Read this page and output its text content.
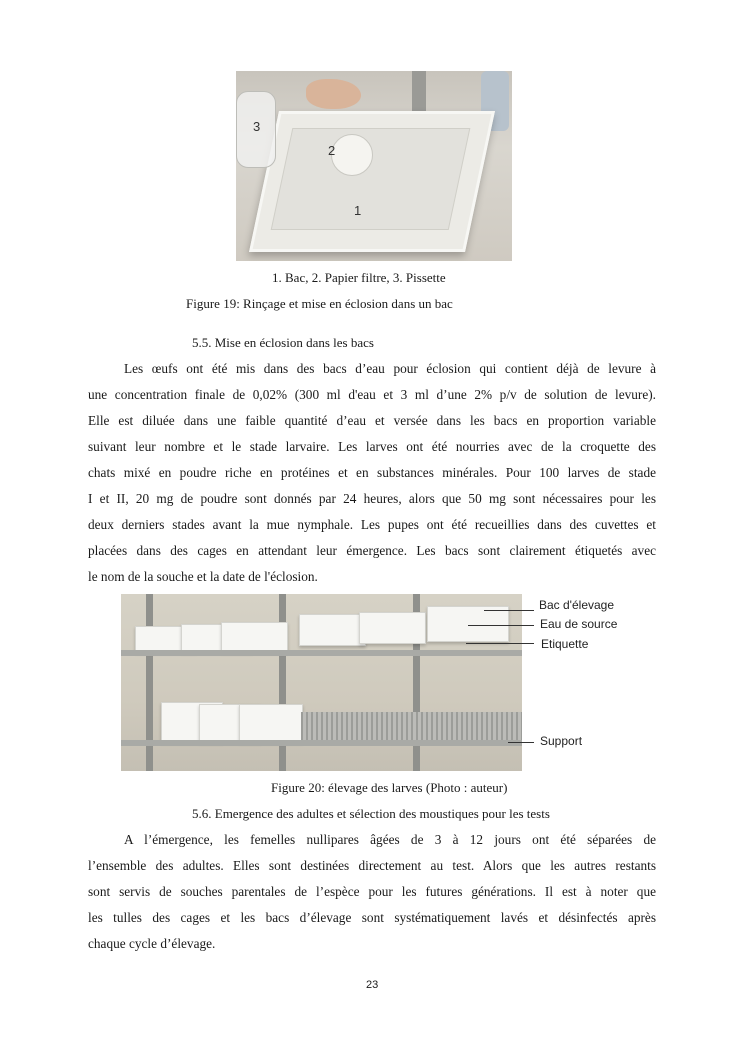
3
2
1
1. Bac, 2. Papier filtre, 3. Pissette
Figure 19: Rinçage et mise en éclosion dans un bac
5.5. Mise en éclosion dans les bacs
Les œufs ont été mis dans des bacs d’eau pour éclosion qui contient déjà de levure à
une concentration finale de 0,02% (300 ml d'eau et 3 ml d’une 2% p/v de solution de levure).
Elle est diluée dans une faible quantité d’eau et versée dans les bacs en proportion variable
suivant leur nombre et le stade larvaire. Les larves ont été nourries avec de la croquette des
chats mixé en poudre riche en protéines et en substances minérales. Pour 100 larves de stade
I et II, 20 mg de poudre sont donnés par 24 heures, alors que 50 mg sont nécessaires pour les
deux derniers stades avant la mue nymphale. Les pupes ont été recueillies dans des cuvettes et
placées dans des cages en attendant leur émergence. Les bacs sont clairement étiquetés avec
le nom de la souche et la date de l'éclosion.
Bac d'élevage
Eau de source
Etiquette
Support
Figure 20: élevage des larves (Photo : auteur)
5.6. Emergence des adultes et sélection des moustiques pour les tests
A l’émergence, les femelles nullipares âgées de 3 à 12 jours ont été séparées de
l’ensemble des adultes. Elles sont destinées directement au test. Alors que les autres restants
sont servis de souches parentales de l’espèce pour les futures générations. Il est à noter que
les tulles des cages et les bacs d’élevage sont systématiquement lavés et désinfectés après
chaque cycle d’élevage.
23
